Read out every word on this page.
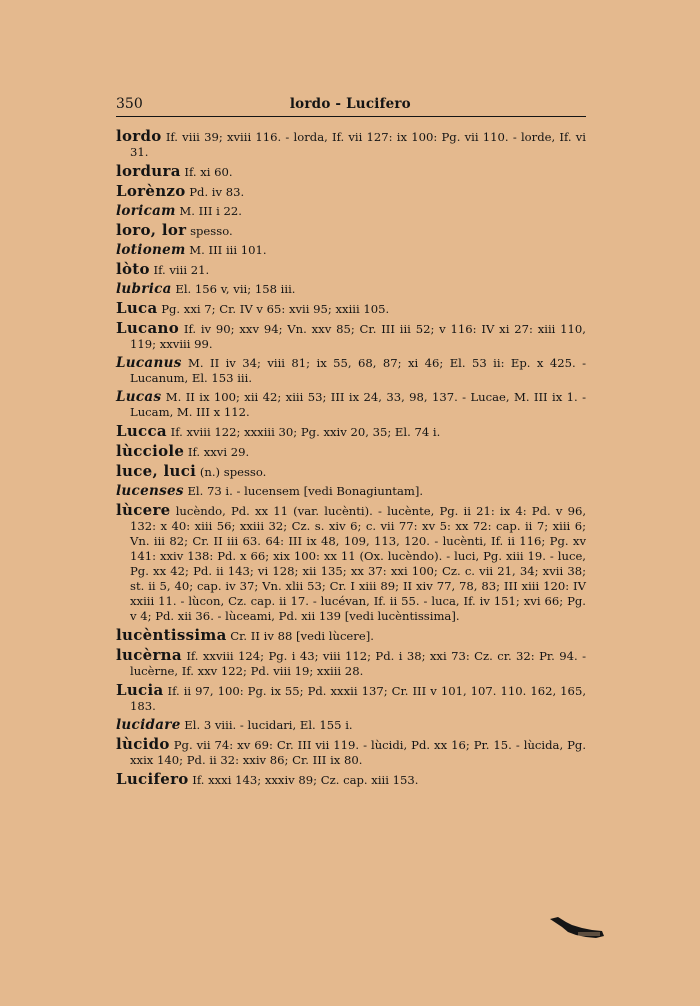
350	lordo - Lucifero

lordo If. viii 39; xviii 116. - lorda, If. vii 127: ix 100: Pg. vii 110. - lorde, If. vi 31.

lordura If. xi 60.

Lorènzo Pd. iv 83.

loricam M. III i 22.

loro, lor spesso.

lotionem M. III iii 101.

lòto If. viii 21.

lubrica El. 156 v, vii; 158 iii.

Luca Pg. xxi 7; Cr. IV v 65: xvii 95; xxiii 105.

Lucano If. iv 90; xxv 94; Vn. xxv 85; Cr. III iii 52; v 116: IV xi 27: xiii 110, 119; xxviii 99.

Lucanus M. II iv 34; viii 81; ix 55, 68, 87; xi 46; El. 53 ii: Ep. x 425. - Lucanum, El. 153 iii.

Lucas M. II ix 100; xii 42; xiii 53; III ix 24, 33, 98, 137. - Lucae, M. III ix 1. - Lucam, M. III x 112.

Lucca If. xviii 122; xxxiii 30; Pg. xxiv 20, 35; El. 74 i.

lùcciole If. xxvi 29.

luce, luci (n.) spesso.

lucenses El. 73 i. - lucensem [vedi Bonagiuntam].

lùcere lucèndo, Pd. xx 11 (var. lucènti). - lucènte, Pg. ii 21: ix 4: Pd. v 96, 132: x 40: xiii 56; xxiii 32; Cz. s. xiv 6; c. vii 77: xv 5: xx 72: cap. ii 7; xiii 6; Vn. iii 82; Cr. II iii 63. 64: III ix 48, 109, 113, 120. - lucènti, If. ii 116; Pg. xv 141: xxiv 138: Pd. x 66; xix 100: xx 11 (Ox. lucèndo). - luci, Pg. xiii 19. - luce, Pg. xx 42; Pd. ii 143; vi 128; xii 135; xx 37: xxi 100; Cz. c. vii 21, 34; xvii 38; st. ii 5, 40; cap. iv 37; Vn. xlii 53; Cr. I xiii 89; II xiv 77, 78, 83; III xiii 120: IV xxiii 11. - lùcon, Cz. cap. ii 17. - lucévan, If. ii 55. - luca, If. iv 151; xvi 66; Pg. v 4; Pd. xii 36. - lùceami, Pd. xii 139 [vedi lucèntissima].

lucèntissima Cr. II iv 88 [vedi lùcere].

lucèrna If. xxviii 124; Pg. i 43; viii 112; Pd. i 38; xxi 73: Cz. cr. 32: Pr. 94. - lucèrne, If. xxv 122; Pd. viii 19; xxiii 28.

Lucia If. ii 97, 100: Pg. ix 55; Pd. xxxii 137; Cr. III v 101, 107. 110. 162, 165, 183.

lucidare El. 3 viii. - lucidari, El. 155 i.

lùcido Pg. vii 74: xv 69: Cr. III vii 119. - lùcidi, Pd. xx 16; Pr. 15. - lùcida, Pg. xxix 140; Pd. ii 32: xxiv 86; Cr. III ix 80.

Lucifero If. xxxi 143; xxxiv 89; Cz. cap. xiii 153.
